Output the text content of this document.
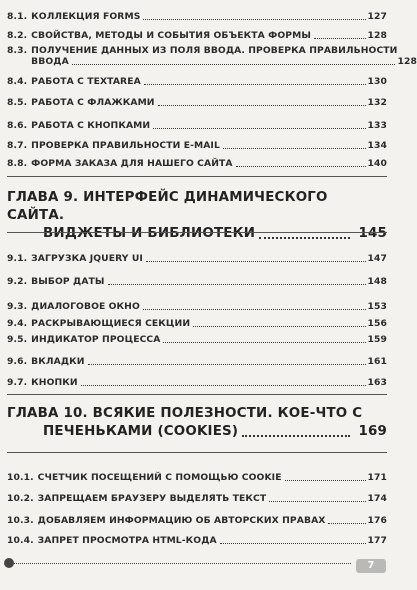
8.1. КОЛЛЕКЦИЯ FORMS	127
8.2. СВОЙСТВА, МЕТОДЫ И СОБЫТИЯ ОБЪЕКТА ФОРМЫ	128
8.3. ПОЛУЧЕНИЕ ДАННЫХ ИЗ ПОЛЯ ВВОДА. ПРОВЕРКА ПРАВИЛЬНОСТИ
ВВОДА	128
8.4. РАБОТА С TEXTAREA	130
8.5. РАБОТА С ФЛАЖКАМИ	132
8.6. РАБОТА С КНОПКАМИ	133
8.7. ПРОВЕРКА ПРАВИЛЬНОСТИ E-MAIL	134
8.8. ФОРМА ЗАКАЗА ДЛЯ НАШЕГО САЙТА	140
ГЛАВА 9. ИНТЕРФЕЙС ДИНАМИЧЕСКОГО САЙТА.
ВИДЖЕТЫ И БИБЛИОТЕКИ	145
9.1. ЗАГРУЗКА JQUERY UI	147
9.2. ВЫБОР ДАТЫ	148
9.3. ДИАЛОГОВОЕ ОКНО	153
9.4. РАСКРЫВАЮЩИЕСЯ СЕКЦИИ	156
9.5. ИНДИКАТОР ПРОЦЕССА	159
9.6. ВКЛАДКИ	161
9.7. КНОПКИ	163
ГЛАВА 10. ВСЯКИЕ ПОЛЕЗНОСТИ. КОЕ-ЧТО С
ПЕЧЕНЬКАМИ (COOKIES)	169
10.1. СЧЕТЧИК ПОСЕЩЕНИЙ С ПОМОЩЬЮ COOKIE	171
10.2. ЗАПРЕЩАЕМ БРАУЗЕРУ ВЫДЕЛЯТЬ ТЕКСТ	174
10.3. ДОБАВЛЯЕМ ИНФОРМАЦИЮ ОБ АВТОРСКИХ ПРАВАХ	176
10.4. ЗАПРЕТ ПРОСМОТРА HTML-КОДА	177
7
